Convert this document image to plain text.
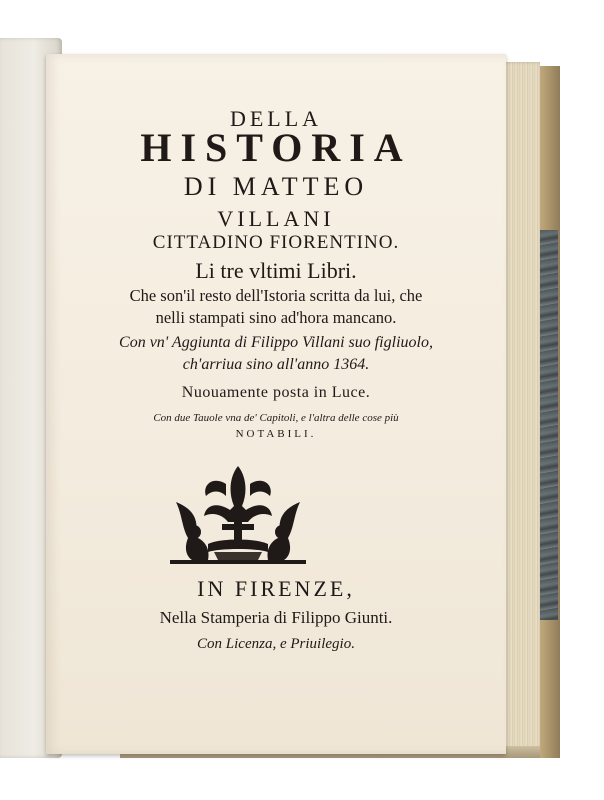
DELLA
HISTORIA
DI MATTEO
VILLANI
CITTADINO FIORENTINO.
Li tre vltimi Libri.
Che son'il resto dell'Istoria scritta da lui, che
nelli stampati sino ad'hora mancano.
Con vn' Aggiunta di Filippo Villani suo figliuolo,
ch'arriua sino all'anno 1364.
Nuouamente posta in Luce.
Con due Tauole vna de' Capitoli, e l'altra delle cose più
NOTABILI.
IN FIRENZE,
Nella Stamperia di Filippo Giunti.
Con Licenza, e Priuilegio.
